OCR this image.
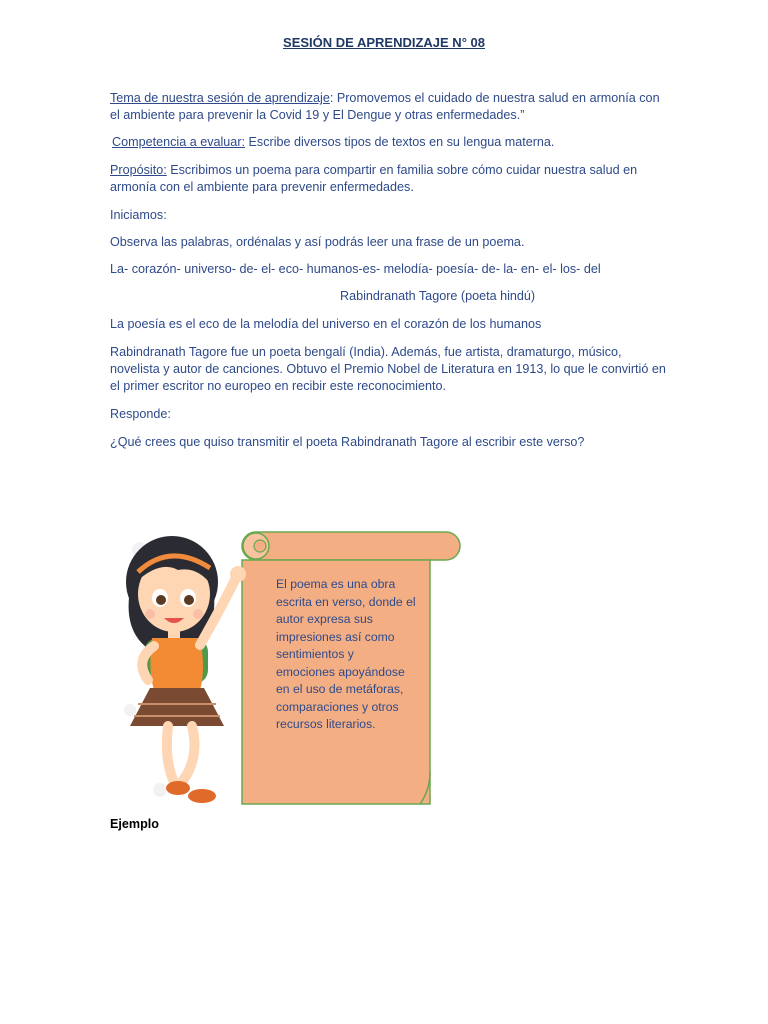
SESIÓN DE APRENDIZAJE N° 08
Tema de nuestra sesión de aprendizaje: Promovemos el cuidado de nuestra salud en armonía con el ambiente para prevenir la Covid 19 y El Dengue y otras enfermedades.”
Competencia a evaluar: Escribe diversos tipos de textos en su lengua materna.
Propósito: Escribimos un poema para compartir en familia sobre cómo cuidar nuestra salud en armonía con el ambiente para prevenir enfermedades.
Iniciamos:
Observa las palabras, ordénalas y así podrás leer una frase de un poema.
La- corazón- universo- de- el- eco- humanos-es- melodía- poesía- de- la- en- el- los- del
Rabindranath Tagore (poeta hindú)
La poesía es el eco de la melodía del universo en el corazón de los humanos
Rabindranath Tagore fue un poeta bengalí (India). Además, fue artista, dramaturgo, músico, novelista y autor de canciones. Obtuvo el Premio Nobel de Literatura en 1913, lo que le convirtió en el primer escritor no europeo en recibir este reconocimiento.
Responde:
¿Qué crees que quiso transmitir el poeta Rabindranath Tagore al escribir este verso?
El poema es una obra escrita en verso, donde el autor expresa sus impresiones así como sentimientos y emociones apoyándose en el uso de metáforas, comparaciones y otros recursos literarios.
Ejemplo
